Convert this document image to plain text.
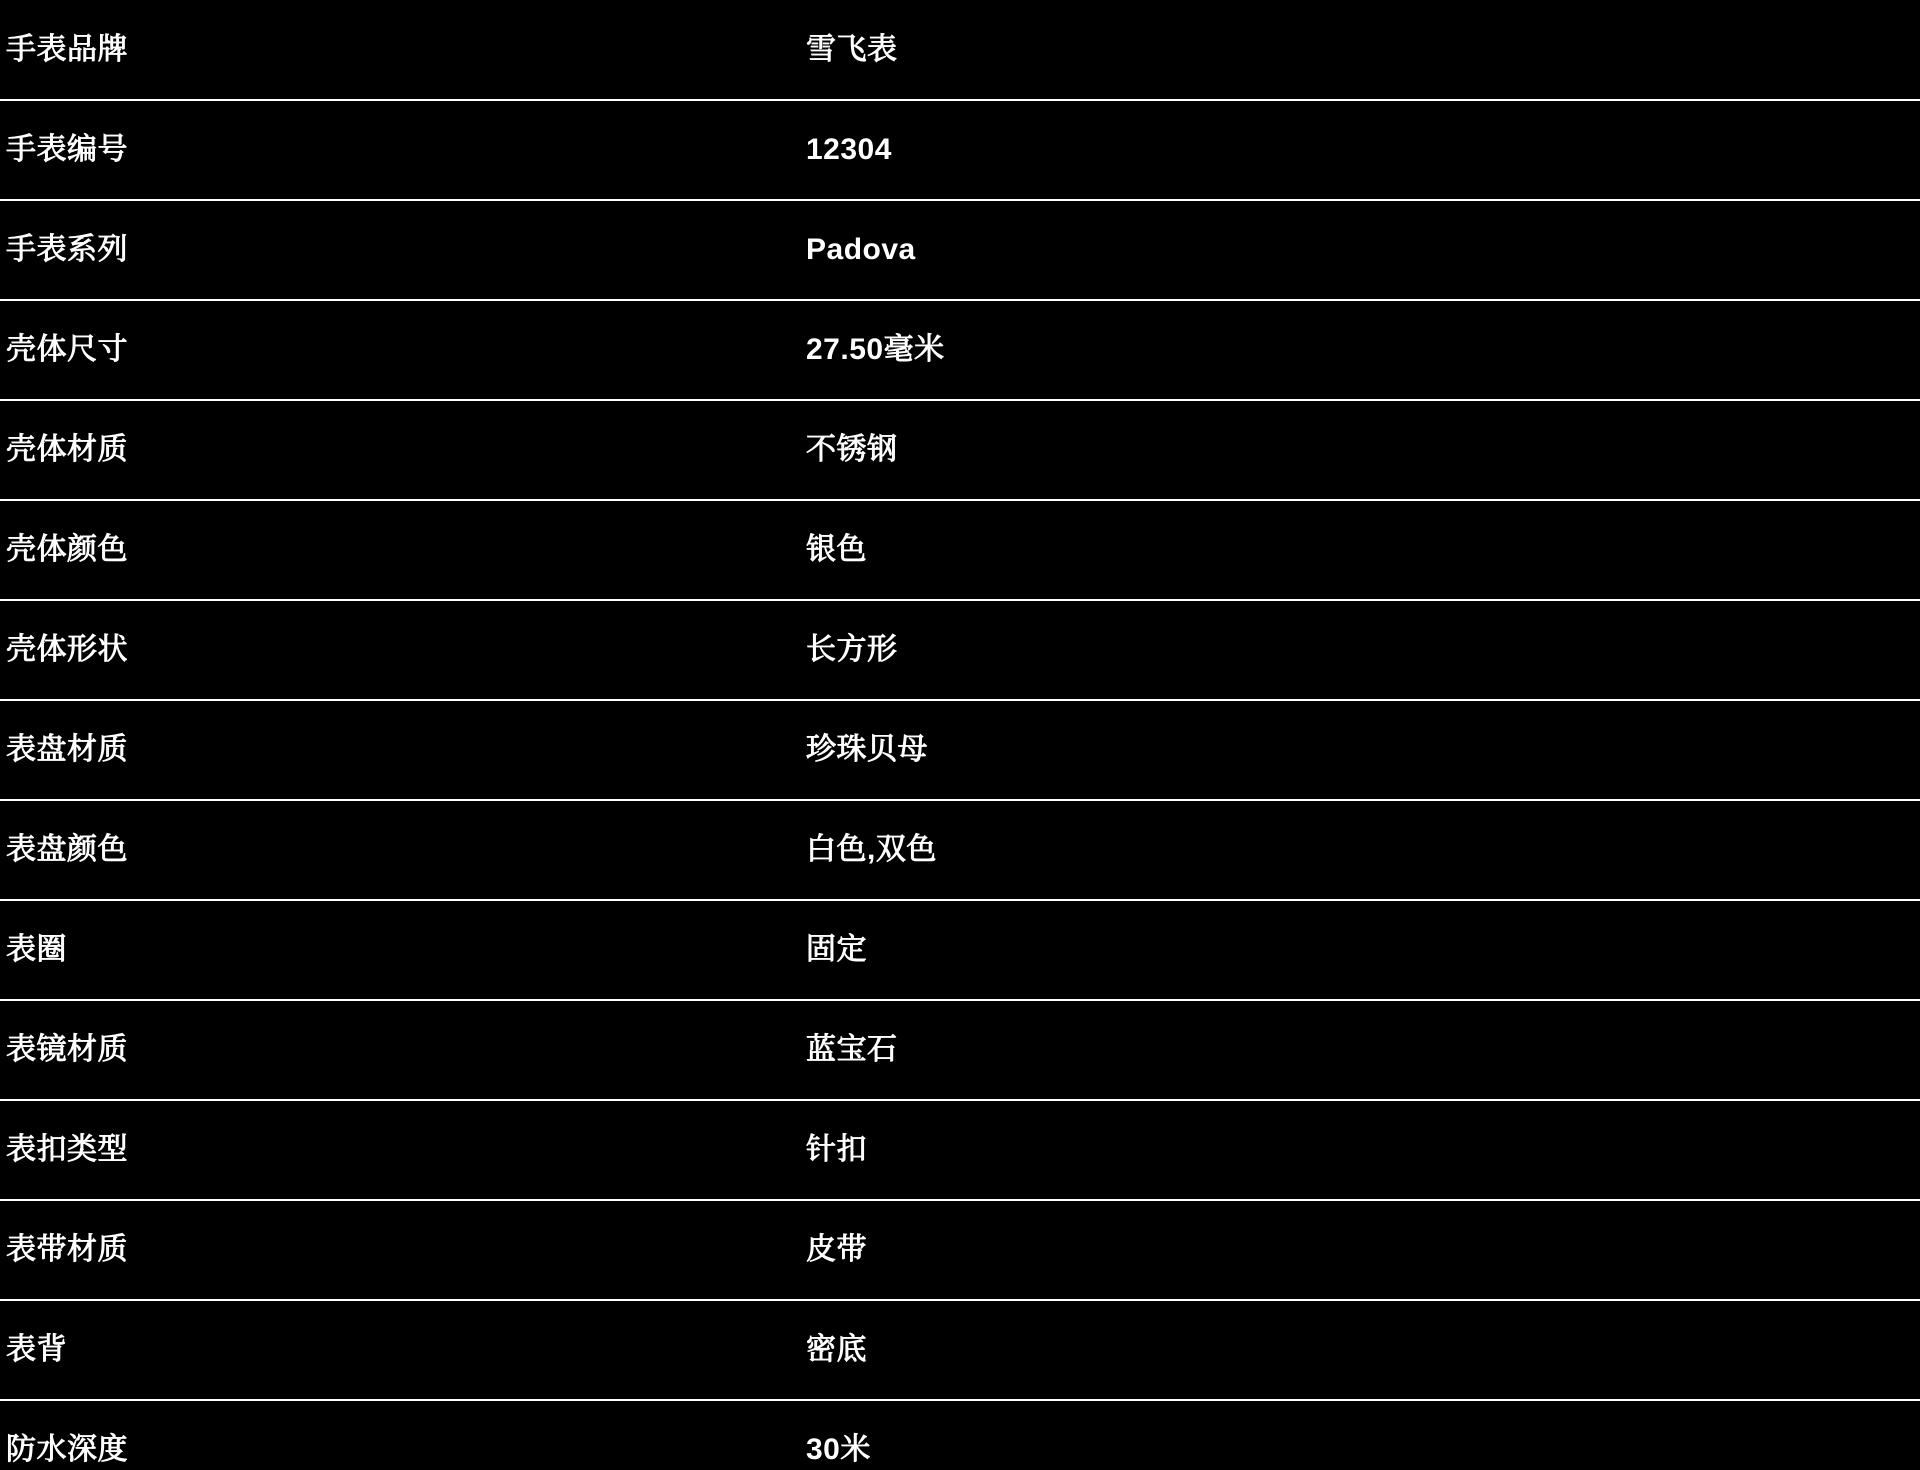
手表品牌	雪飞表
手表编号	12304
手表系列	Padova
壳体尺寸	27.50毫米
壳体材质	不锈钢
壳体颜色	银色
壳体形状	长方形
表盘材质	珍珠贝母
表盘颜色	白色,双色
表圈	固定
表镜材质	蓝宝石
表扣类型	针扣
表带材质	皮带
表背	密底
防水深度	30米
